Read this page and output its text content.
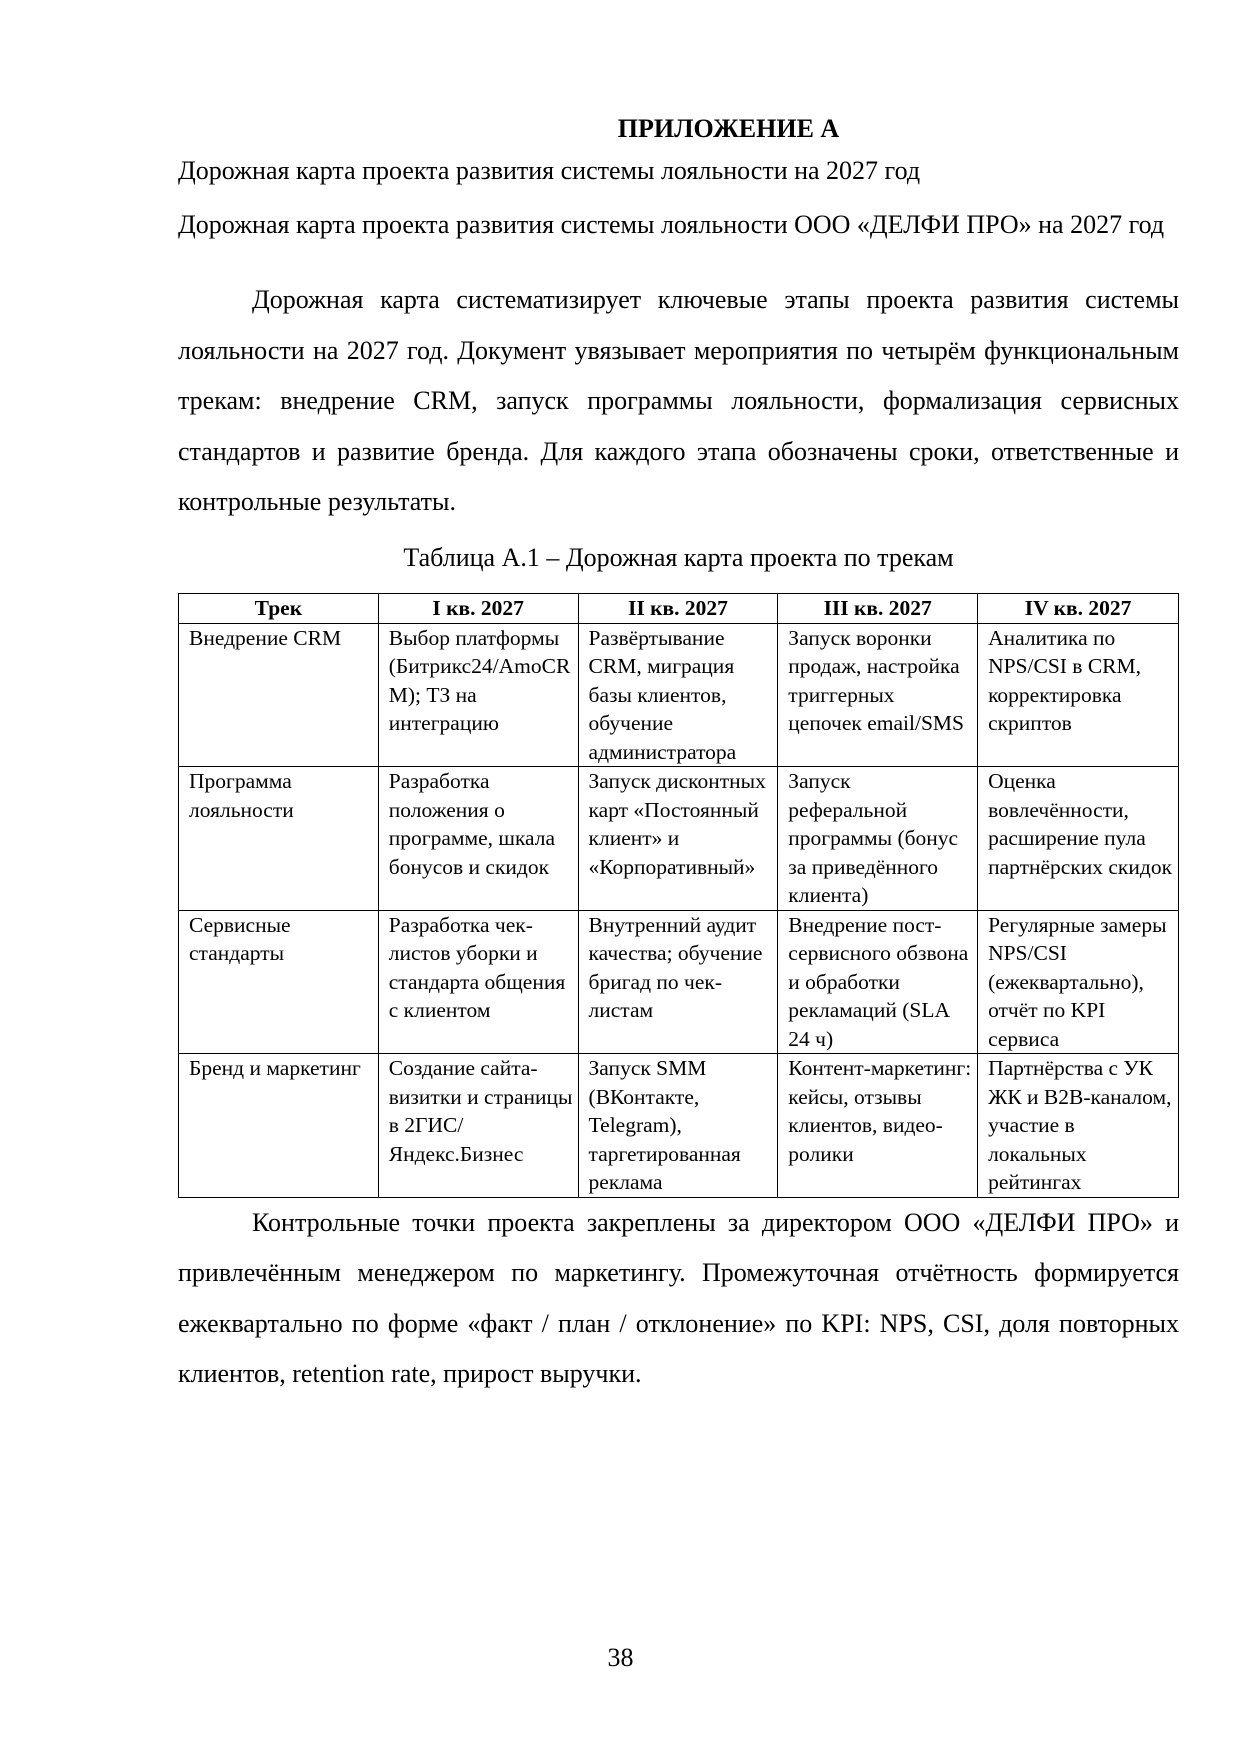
ПРИЛОЖЕНИЕ А

Дорожная карта проекта развития системы лояльности на 2027 год

Дорожная карта проекта развития системы лояльности ООО «ДЕЛФИ ПРО» на 2027 год

Дорожная карта систематизирует ключевые этапы проекта развития системы лояльности на 2027 год. Документ увязывает мероприятия по четырём функциональным трекам: внедрение CRM, запуск программы лояльности, формализация сервисных стандартов и развитие бренда. Для каждого этапа обозначены сроки, ответственные и контрольные результаты.

Таблица А.1 – Дорожная карта проекта по трекам

Трек	I кв. 2027	II кв. 2027	III кв. 2027	IV кв. 2027
Внедрение CRM	Выбор платформы (Битрикс24/AmoCRM); ТЗ на интеграцию	Развёртывание CRM, миграция базы клиентов, обучение администратора	Запуск воронки продаж, настройка триггерных цепочек email/SMS	Аналитика по NPS/CSI в CRM, корректировка скриптов
Программа лояльности	Разработка положения о программе, шкала бонусов и скидок	Запуск дисконтных карт «Постоянный клиент» и «Корпоративный»	Запуск реферальной программы (бонус за приведённого клиента)	Оценка вовлечённости, расширение пула партнёрских скидок
Сервисные стандарты	Разработка чек-листов уборки и стандарта общения с клиентом	Внутренний аудит качества; обучение бригад по чек-листам	Внедрение пост-сервисного обзвона и обработки рекламаций (SLA 24 ч)	Регулярные замеры NPS/CSI (ежеквартально), отчёт по KPI сервиса
Бренд и маркетинг	Создание сайта-визитки и страницы в 2ГИС/Яндекс.Бизнес	Запуск SMM (ВКонтакте, Telegram), таргетированная реклама	Контент-маркетинг: кейсы, отзывы клиентов, видео-ролики	Партнёрства с УК ЖК и B2B-каналом, участие в локальных рейтингах

Контрольные точки проекта закреплены за директором ООО «ДЕЛФИ ПРО» и привлечённым менеджером по маркетингу. Промежуточная отчётность формируется ежеквартально по форме «факт / план / отклонение» по KPI: NPS, CSI, доля повторных клиентов, retention rate, прирост выручки.

38
